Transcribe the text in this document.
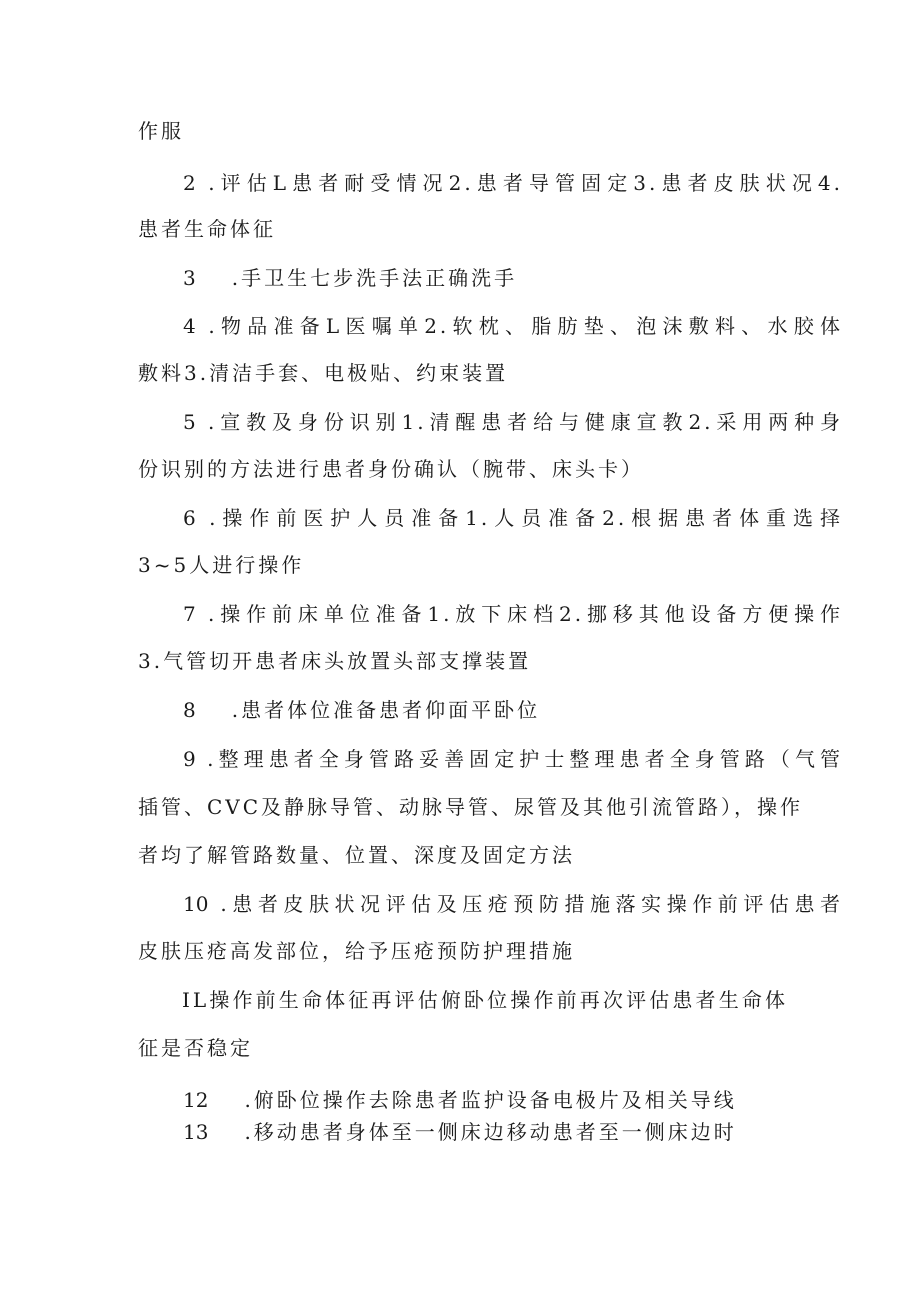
作服
2 .评估L患者耐受情况2.患者导管固定3.患者皮肤状况4.
患者生命体征
3 .手卫生七步洗手法正确洗手
4 .物品准备L医嘱单2.软枕、脂肪垫、泡沫敷料、水胶体
敷料3.清洁手套、电极贴、约束装置
5 .宣教及身份识别1.清醒患者给与健康宣教2.采用两种身
份识别的方法进行患者身份确认（腕带、床头卡）
6 .操作前医护人员准备1.人员准备2.根据患者体重选择
3~5人进行操作
7 .操作前床单位准备1.放下床档2.挪移其他设备方便操作
3.气管切开患者床头放置头部支撑装置
8 .患者体位准备患者仰面平卧位
9 .整理患者全身管路妥善固定护士整理患者全身管路（气管
插管、CVC及静脉导管、动脉导管、尿管及其他引流管路），操作
者均了解管路数量、位置、深度及固定方法
10 .患者皮肤状况评估及压疮预防措施落实操作前评估患者
皮肤压疮高发部位，给予压疮预防护理措施
IL操作前生命体征再评估俯卧位操作前再次评估患者生命体
征是否稳定
12 .俯卧位操作去除患者监护设备电极片及相关导线
13 .移动患者身体至一侧床边移动患者至一侧床边时
